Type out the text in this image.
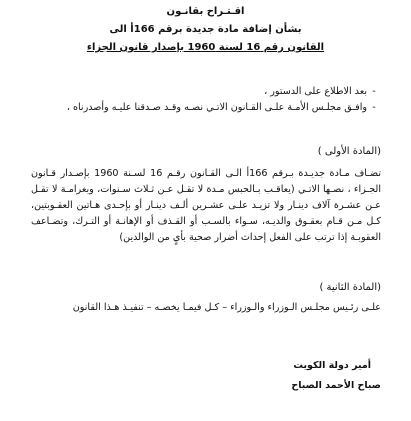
اقـتـراح بقانـون
بشأن إضافة مادة جديدة برقم 166أ الى
القانون رقم 16 لسنة 1960 بإصدار قانون الجزاء
- بعد الاطلاع على الدستور ،
- وافـق مجلـس الأمـة علـى القـانون الاتـي نصـه وقـد صـدقنا عليـه وأصدرناه ،
(المادة الأولى )
تضـاف مـادة جديـدة بـرقم 166أ الـى القـانون رقـم 16 لسـنة 1960 بإصـدار قـانون الجـزاء ، نصـها الاتـي (يعاقـب بـالحبس مـدة لا تقـل عـن ثـلاث سـنوات، وبغرامـة لا تقـل عـن عشـرة آلاف دينـار ولا تزيـد علـى عشـرين ألـف دينـار أو بإحـدى هـاتين العقـوبتين، كـل مـن قـام بعقـوق والديـه، سـواء بالسـب أو القـذف أو الإهانـة أو التـرك، وتضـاعف العقوبـة إذا ترتب على الفعل إحداث أضرار صحية بأيٍ من الوالدين)
(المادة الثانية )
علـى رئـيس مجلـس الـوزراء والـوزراء – كـل فيمـا يخصـه – تنفيـذ هـذا القانون
أمير دولة الكويت
صباح الأحمد الصباح
